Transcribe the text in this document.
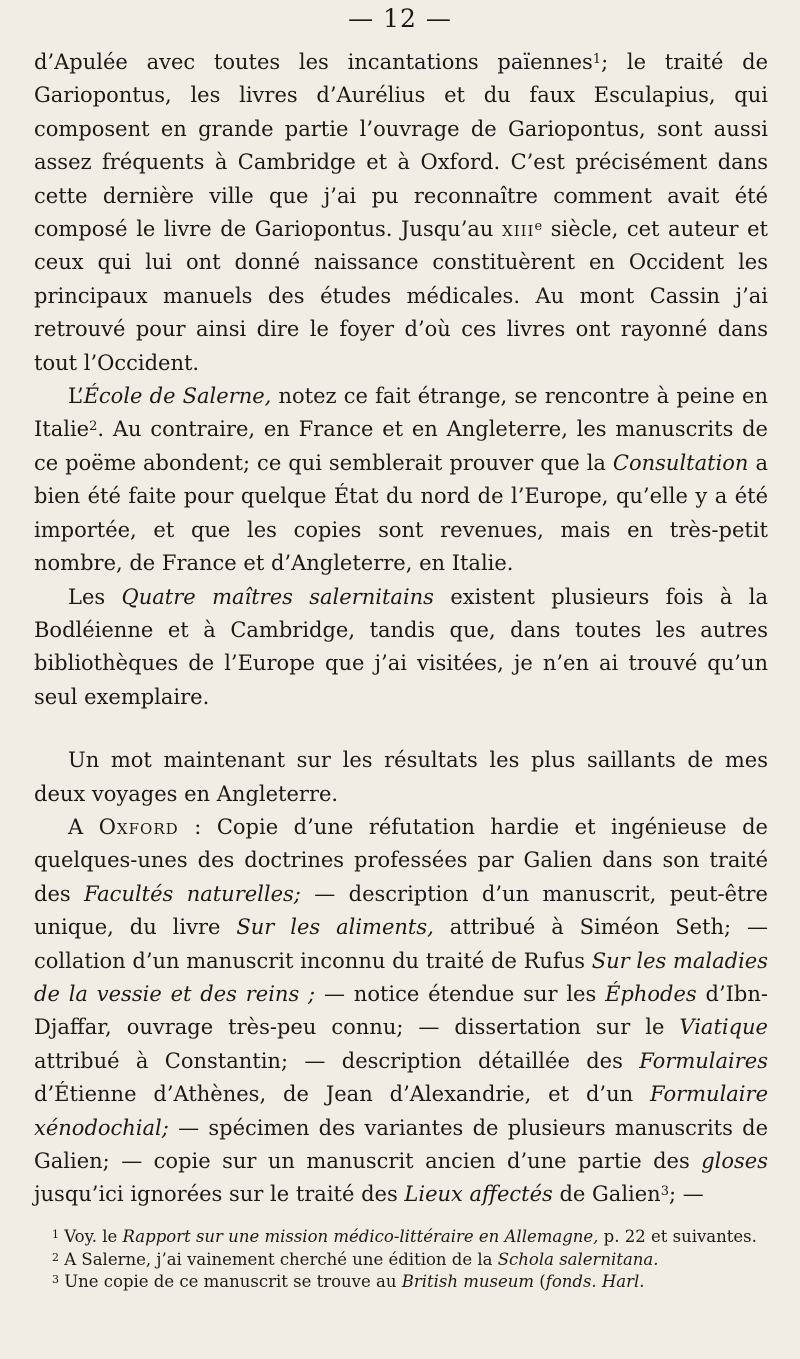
— 12 —

d’Apulée avec toutes les incantations païennes$^1$; le traité de Gariopontus, les livres d’Aurélius et du faux Esculapius, qui composent en grande partie l’ouvrage de Gariopontus, sont aussi assez fréquents à Cambridge et à Oxford. C’est précisément dans cette dernière ville que j’ai pu reconnaître comment avait été composé le livre de Gariopontus. Jusqu’au xiii$^e$ siècle, cet auteur et ceux qui lui ont donné naissance constituèrent en Occident les principaux manuels des études médicales. Au mont Cassin j’ai retrouvé pour ainsi dire le foyer d’où ces livres ont rayonné dans tout l’Occident.

L’École de Salerne, notez ce fait étrange, se rencontre à peine en Italie$^2$. Au contraire, en France et en Angleterre, les manuscrits de ce poëme abondent; ce qui semblerait prouver que la Consultation a bien été faite pour quelque État du nord de l’Europe, qu’elle y a été importée, et que les copies sont revenues, mais en très-petit nombre, de France et d’Angleterre, en Italie.

Les Quatre maîtres salernitains existent plusieurs fois à la Bodléienne et à Cambridge, tandis que, dans toutes les autres bibliothèques de l’Europe que j’ai visitées, je n’en ai trouvé qu’un seul exemplaire.

Un mot maintenant sur les résultats les plus saillants de mes deux voyages en Angleterre.

A Oxford : Copie d’une réfutation hardie et ingénieuse de quelques-unes des doctrines professées par Galien dans son traité des Facultés naturelles; — description d’un manuscrit, peut-être unique, du livre Sur les aliments, attribué à Siméon Seth; — collation d’un manuscrit inconnu du traité de Rufus Sur les maladies de la vessie et des reins ; — notice étendue sur les Éphodes d’Ibn-Djaffar, ouvrage très-peu connu; — dissertation sur le Viatique attribué à Constantin; — description détaillée des Formulaires d’Étienne d’Athènes, de Jean d’Alexandrie, et d’un Formulaire xénodochial; — spécimen des variantes de plusieurs manuscrits de Galien; — copie sur un manuscrit ancien d’une partie des gloses jusqu’ici ignorées sur le traité des Lieux affectés de Galien$^3$; —

$^1$ Voy. le Rapport sur une mission médico-littéraire en Allemagne, p. 22 et suivantes.

$^2$ A Salerne, j’ai vainement cherché une édition de la Schola salernitana.

$^3$ Une copie de ce manuscrit se trouve au British museum (fonds. Harl.
